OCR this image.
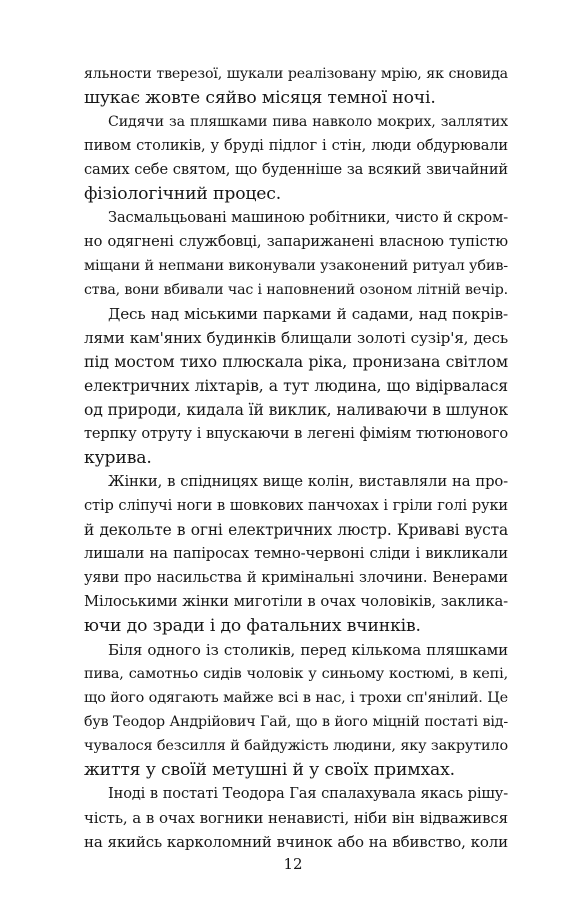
яльности тверезої, шукали реалізовану мрію, як сновида
шукає жовте сяйво місяця темної ночі.
Сидячи за пляшками пива навколо мокрих, заллятих
пивом столиків, у бруді підлог і стін, люди обдурювали
самих себе святом, що буденніше за всякий звичайний
фізіологічний процес.
Засмальцьовані машиною робітники, чисто й скром-
но одягнені службовці, запарижанені власною тупістю
міщани й непмани виконували узаконений ритуал убив-
ства, вони вбивали час і наповнений озоном літній вечір.
Десь над міськими парками й садами, над покрів-
лями кам'яних будинків блищали золоті сузір'я, десь
під мостом тихо плюскала ріка, пронизана світлом
електричних ліхтарів, а тут людина, що відірвалася
од природи, кидала їй виклик, наливаючи в шлунок
терпку отруту і впускаючи в легені фіміям тютюнового
курива.
Жінки, в спідницях вище колін, виставляли на про-
стір сліпучі ноги в шовкових панчохах і гріли голі руки
й декольте в огні електричних люстр. Криваві вуста
лишали на папіросах темно-червоні сліди і викликали
уяви про насильства й кримінальні злочини. Венерами
Мілоськими жінки миготіли в очах чоловіків, заклика-
ючи до зради і до фатальних вчинків.
Біля одного із столиків, перед кількома пляшками
пива, самотньо сидів чоловік у синьому костюмі, в кепі,
що його одягають майже всі в нас, і трохи сп'янілий. Це
був Теодор Андрійович Гай, що в його міцній постаті від-
чувалося безсилля й байдужість людини, яку закрутило
життя у своїй метушні й у своїх примхах.
Іноді в постаті Теодора Гая спалахувала якась рішу-
чість, а в очах вогники ненависті, ніби він відважився
на якийсь карколомний вчинок або на вбивство, коли
12
